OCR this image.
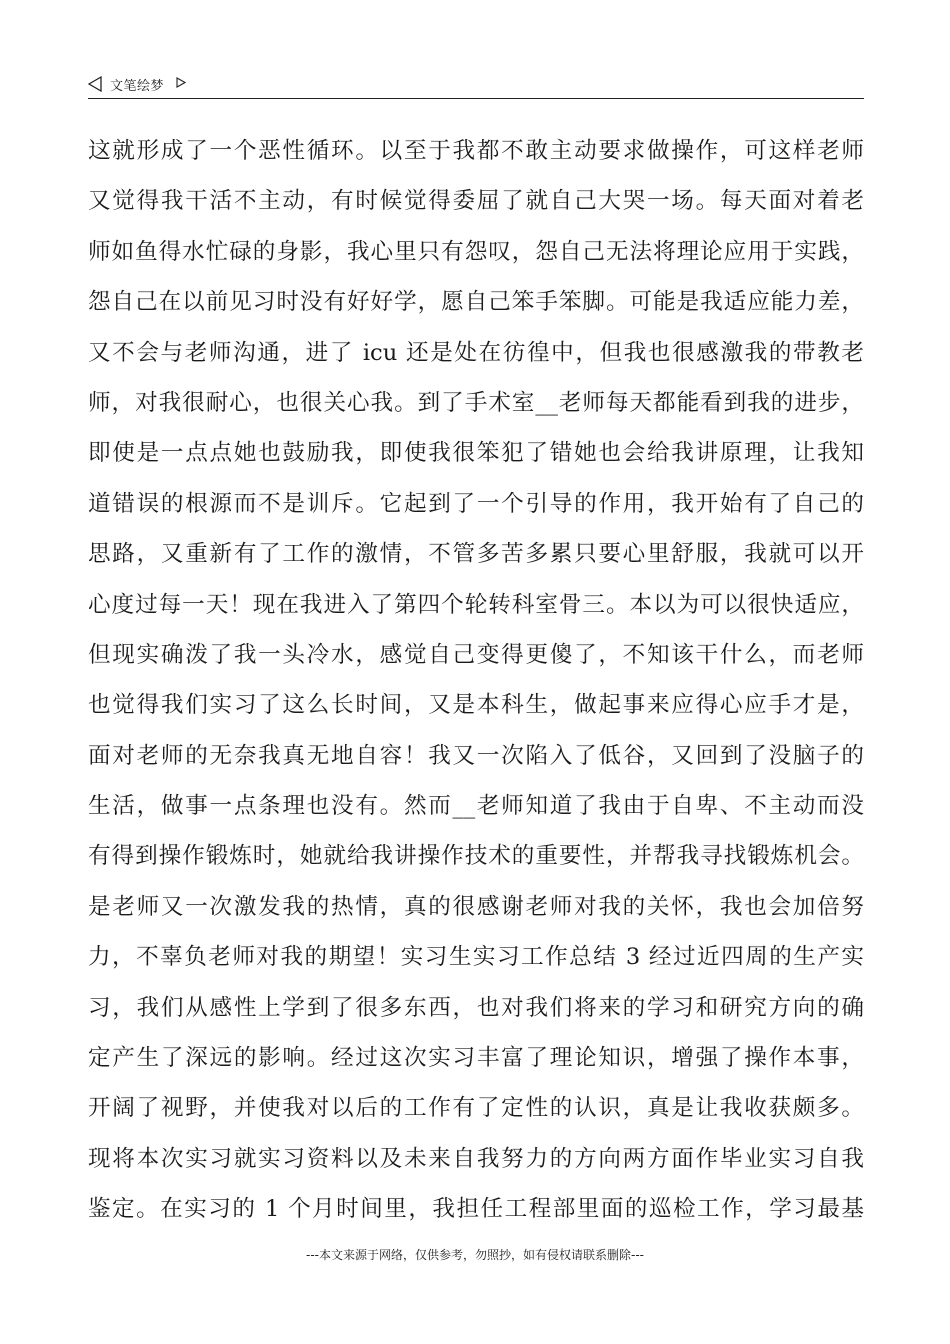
文笔绘梦
这就形成了一个恶性循环。以至于我都不敢主动要求做操作，可这样老师
又觉得我干活不主动，有时候觉得委屈了就自己大哭一场。每天面对着老
师如鱼得水忙碌的身影，我心里只有怨叹，怨自己无法将理论应用于实践，
怨自己在以前见习时没有好好学，愿自己笨手笨脚。可能是我适应能力差，
又不会与老师沟通，进了 icu 还是处在彷徨中，但我也很感激我的带教老
师，对我很耐心，也很关心我。到了手术室__老师每天都能看到我的进步，
即使是一点点她也鼓励我，即使我很笨犯了错她也会给我讲原理，让我知
道错误的根源而不是训斥。它起到了一个引导的作用，我开始有了自己的
思路，又重新有了工作的激情，不管多苦多累只要心里舒服，我就可以开
心度过每一天！现在我进入了第四个轮转科室骨三。本以为可以很快适应，
但现实确泼了我一头冷水，感觉自己变得更傻了，不知该干什么，而老师
也觉得我们实习了这么长时间，又是本科生，做起事来应得心应手才是，
面对老师的无奈我真无地自容！我又一次陷入了低谷，又回到了没脑子的
生活，做事一点条理也没有。然而__老师知道了我由于自卑、不主动而没
有得到操作锻炼时，她就给我讲操作技术的重要性，并帮我寻找锻炼机会。
是老师又一次激发我的热情，真的很感谢老师对我的关怀，我也会加倍努
力，不辜负老师对我的期望！实习生实习工作总结 3 经过近四周的生产实
习，我们从感性上学到了很多东西，也对我们将来的学习和研究方向的确
定产生了深远的影响。经过这次实习丰富了理论知识，增强了操作本事，
开阔了视野，并使我对以后的工作有了定性的认识，真是让我收获颇多。
现将本次实习就实习资料以及未来自我努力的方向两方面作毕业实习自我
鉴定。在实习的 1 个月时间里，我担任工程部里面的巡检工作，学习最基
---本文来源于网络，仅供参考，勿照抄，如有侵权请联系删除---
